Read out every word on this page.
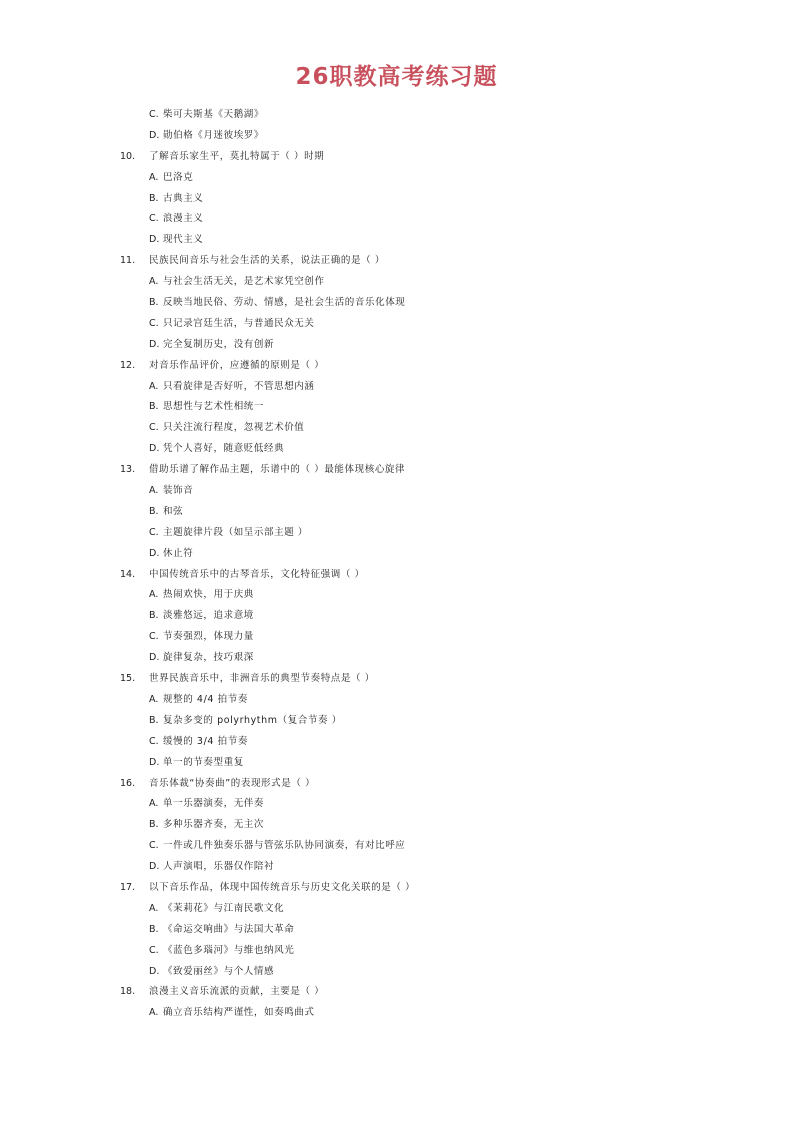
26职教高考练习题
C. 柴可夫斯基《天鹅湖》
D. 勋伯格《月迷彼埃罗》
10. 了解音乐家生平，莫扎特属于（ ）时期
A. 巴洛克
B. 古典主义
C. 浪漫主义
D. 现代主义
11. 民族民间音乐与社会生活的关系，说法正确的是（ ）
A. 与社会生活无关，是艺术家凭空创作
B. 反映当地民俗、劳动、情感，是社会生活的音乐化体现
C. 只记录宫廷生活，与普通民众无关
D. 完全复制历史，没有创新
12. 对音乐作品评价，应遵循的原则是（ ）
A. 只看旋律是否好听，不管思想内涵
B. 思想性与艺术性相统一
C. 只关注流行程度，忽视艺术价值
D. 凭个人喜好，随意贬低经典
13. 借助乐谱了解作品主题，乐谱中的（ ）最能体现核心旋律
A. 装饰音
B. 和弦
C. 主题旋律片段（如呈示部主题 ）
D. 休止符
14. 中国传统音乐中的古琴音乐，文化特征强调（ ）
A. 热闹欢快，用于庆典
B. 淡雅悠远，追求意境
C. 节奏强烈，体现力量
D. 旋律复杂，技巧艰深
15. 世界民族音乐中，非洲音乐的典型节奏特点是（ ）
A. 规整的 4/4 拍节奏
B. 复杂多变的 polyrhythm（复合节奏 ）
C. 缓慢的 3/4 拍节奏
D. 单一的节奏型重复
16. 音乐体裁“协奏曲”的表现形式是（ ）
A. 单一乐器演奏，无伴奏
B. 多种乐器齐奏，无主次
C. 一件或几件独奏乐器与管弦乐队协同演奏，有对比呼应
D. 人声演唱，乐器仅作陪衬
17. 以下音乐作品，体现中国传统音乐与历史文化关联的是（ ）
A. 《茉莉花》与江南民歌文化
B. 《命运交响曲》与法国大革命
C. 《蓝色多瑙河》与维也纳风光
D. 《致爱丽丝》与个人情感
18. 浪漫主义音乐流派的贡献，主要是（ ）
A. 确立音乐结构严谨性，如奏鸣曲式
